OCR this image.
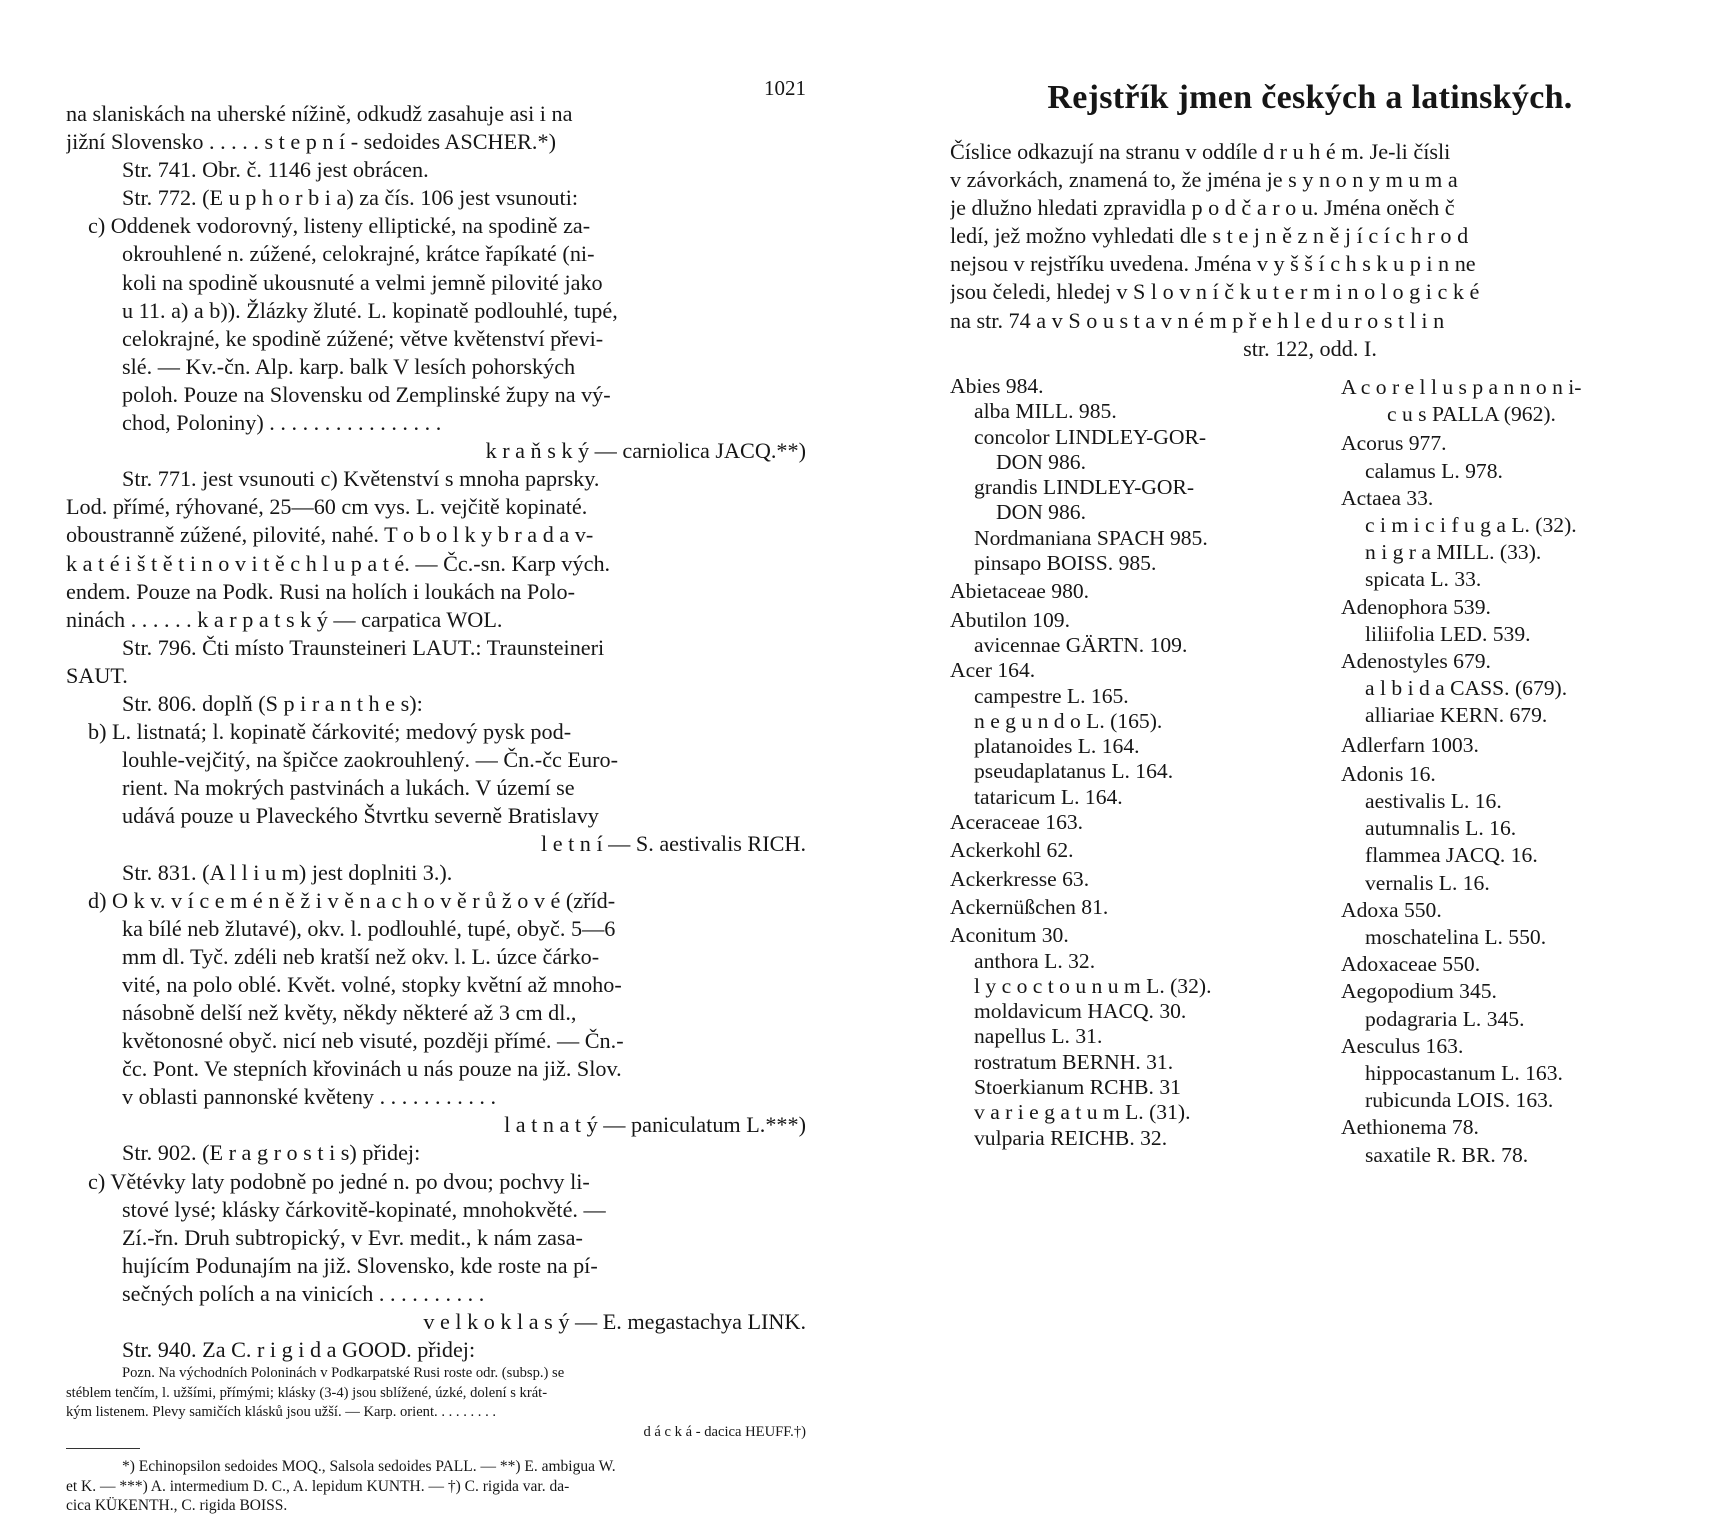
1021
na slaniskách na uherské nížině, odkudž zasahuje asi i na
jižní Slovensko . . . . . s t e p n í - sedoides ASCHER.*)
Str. 741. Obr. č. 1146 jest obrácen.
Str. 772. (E u p h o r b i a) za čís. 106 jest vsunouti:
c) Oddenek vodorovný, listeny elliptické, na spodině za-
okrouhlené n. zúžené, celokrajné, krátce řapíkaté (ni-
koli na spodině ukousnuté a velmi jemně pilovité jako
u 11. a) a b)). Žlázky žluté. L. kopinatě podlouhlé, tupé,
celokrajné, ke spodině zúžené; větve květenství převi-
slé. — Kv.-čn. Alp. karp. balk V lesích pohorských
poloh. Pouze na Slovensku od Zemplinské župy na vý-
chod, Poloniny) . . . . . . . . . . . . . . . .
k r a ň s k ý — carniolica JACQ.**)
Str. 771. jest vsunouti c) Květenství s mnoha paprsky.
Lod. přímé, rýhované, 25—60 cm vys. L. vejčitě kopinaté.
oboustranně zúžené, pilovité, nahé. T o b o l k y b r a d a v-
k a t é i š t ě t i n o v i t ě c h l u p a t é. — Čc.-sn. Karp vých.
endem. Pouze na Podk. Rusi na holích i loukách na Polo-
ninách . . . . . . k a r p a t s k ý — carpatica WOL.
Str. 796. Čti místo Traunsteineri LAUT.: Traunsteineri
SAUT.
Str. 806. doplň (S p i r a n t h e s):
b) L. listnatá; l. kopinatě čárkovité; medový pysk pod-
louhle-vejčitý, na špičce zaokrouhlený. — Čn.-čc Euro-
rient. Na mokrých pastvinách a lukách. V území se
udává pouze u Plaveckého Štvrtku severně Bratislavy
l e t n í — S. aestivalis RICH.
Str. 831. (A l l i u m) jest doplniti 3.).
d) O k v. v í c e m é n ě ž i v ě n a c h o v ě r ů ž o v é (zříd-
ka bílé neb žlutavé), okv. l. podlouhlé, tupé, obyč. 5—6
mm dl. Tyč. zdéli neb kratší než okv. l. L. úzce čárko-
vité, na polo oblé. Květ. volné, stopky květní až mnoho-
násobně delší než květy, někdy některé až 3 cm dl.,
květonosné obyč. nicí neb visuté, později přímé. — Čn.-
čc. Pont. Ve stepních křovinách u nás pouze na již. Slov.
v oblasti pannonské květeny . . . . . . . . . . .
l a t n a t ý — paniculatum L.***)
Str. 902. (E r a g r o s t i s) přidej:
c) Větévky laty podobně po jedné n. po dvou; pochvy li-
stové lysé; klásky čárkovitě-kopinaté, mnohokvěté. —
Zí.-řn. Druh subtropický, v Evr. medit., k nám zasa-
hujícím Podunajím na již. Slovensko, kde roste na pí-
sečných polích a na vinicích . . . . . . . . . .
v e l k o k l a s ý — E. megastachya LINK.
Str. 940. Za C. r i g i d a GOOD. přidej:
Pozn. Na východních Poloninách v Podkarpatské Rusi roste odr. (subsp.) se
stéblem tenčím, l. užšími, přímými; klásky (3-4) jsou sblížené, úzké, dolení s krát-
kým listenem. Plevy samičích klásků jsou užší. — Karp. orient. . . . . . . . .
d á c k á - dacica HEUFF.†)
*) Echinopsilon sedoides MOQ., Salsola sedoides PALL. — **) E. ambigua W.
et K. — ***) A. intermedium D. C., A. lepidum KUNTH. — †) C. rigida var. da-
cica KÜKENTH., C. rigida BOISS.
Rejstřík jmen českých a latinských.
Číslice odkazují na stranu v oddíle d r u h é m. Je-li čísli
v závorkách, znamená to, že jména je s y n o n y m u m a
je dlužno hledati zpravidla p o d č a r o u. Jména oněch č
ledí, jež možno vyhledati dle s t e j n ě z n ě j í c í c h r o d
nejsou v rejstříku uvedena. Jména v y š š í c h s k u p i n ne
jsou čeledi, hledej v S l o v n í č k u t e r m i n o l o g i c k é
na str. 74 a v S o u s t a v n é m p ř e h l e d u r o s t l i n
str. 122, odd. I.
Abies 984.
alba MILL. 985.
concolor LINDLEY-GOR-
DON 986.
grandis LINDLEY-GOR-
DON 986.
Nordmaniana SPACH 985.
pinsapo BOISS. 985.
Abietaceae 980.
Abutilon 109.
avicennae GÄRTN. 109.
Acer 164.
campestre L. 165.
n e g u n d o L. (165).
platanoides L. 164.
pseudaplatanus L. 164.
tataricum L. 164.
Aceraceae 163.
Ackerkohl 62.
Ackerkresse 63.
Ackernüßchen 81.
Aconitum 30.
anthora L. 32.
l y c o c t o u n u m L. (32).
moldavicum HACQ. 30.
napellus L. 31.
rostratum BERNH. 31.
Stoerkianum RCHB. 31
v a r i e g a t u m L. (31).
vulparia REICHB. 32.
A c o r e l l u s p a n n o n i-
c u s PALLA (962).
Acorus 977.
calamus L. 978.
Actaea 33.
c i m i c i f u g a L. (32).
n i g r a MILL. (33).
spicata L. 33.
Adenophora 539.
liliifolia LED. 539.
Adenostyles 679.
a l b i d a CASS. (679).
alliariae KERN. 679.
Adlerfarn 1003.
Adonis 16.
aestivalis L. 16.
autumnalis L. 16.
flammea JACQ. 16.
vernalis L. 16.
Adoxa 550.
moschatelina L. 550.
Adoxaceae 550.
Aegopodium 345.
podagraria L. 345.
Aesculus 163.
hippocastanum L. 163.
rubicunda LOIS. 163.
Aethionema 78.
saxatile R. BR. 78.
